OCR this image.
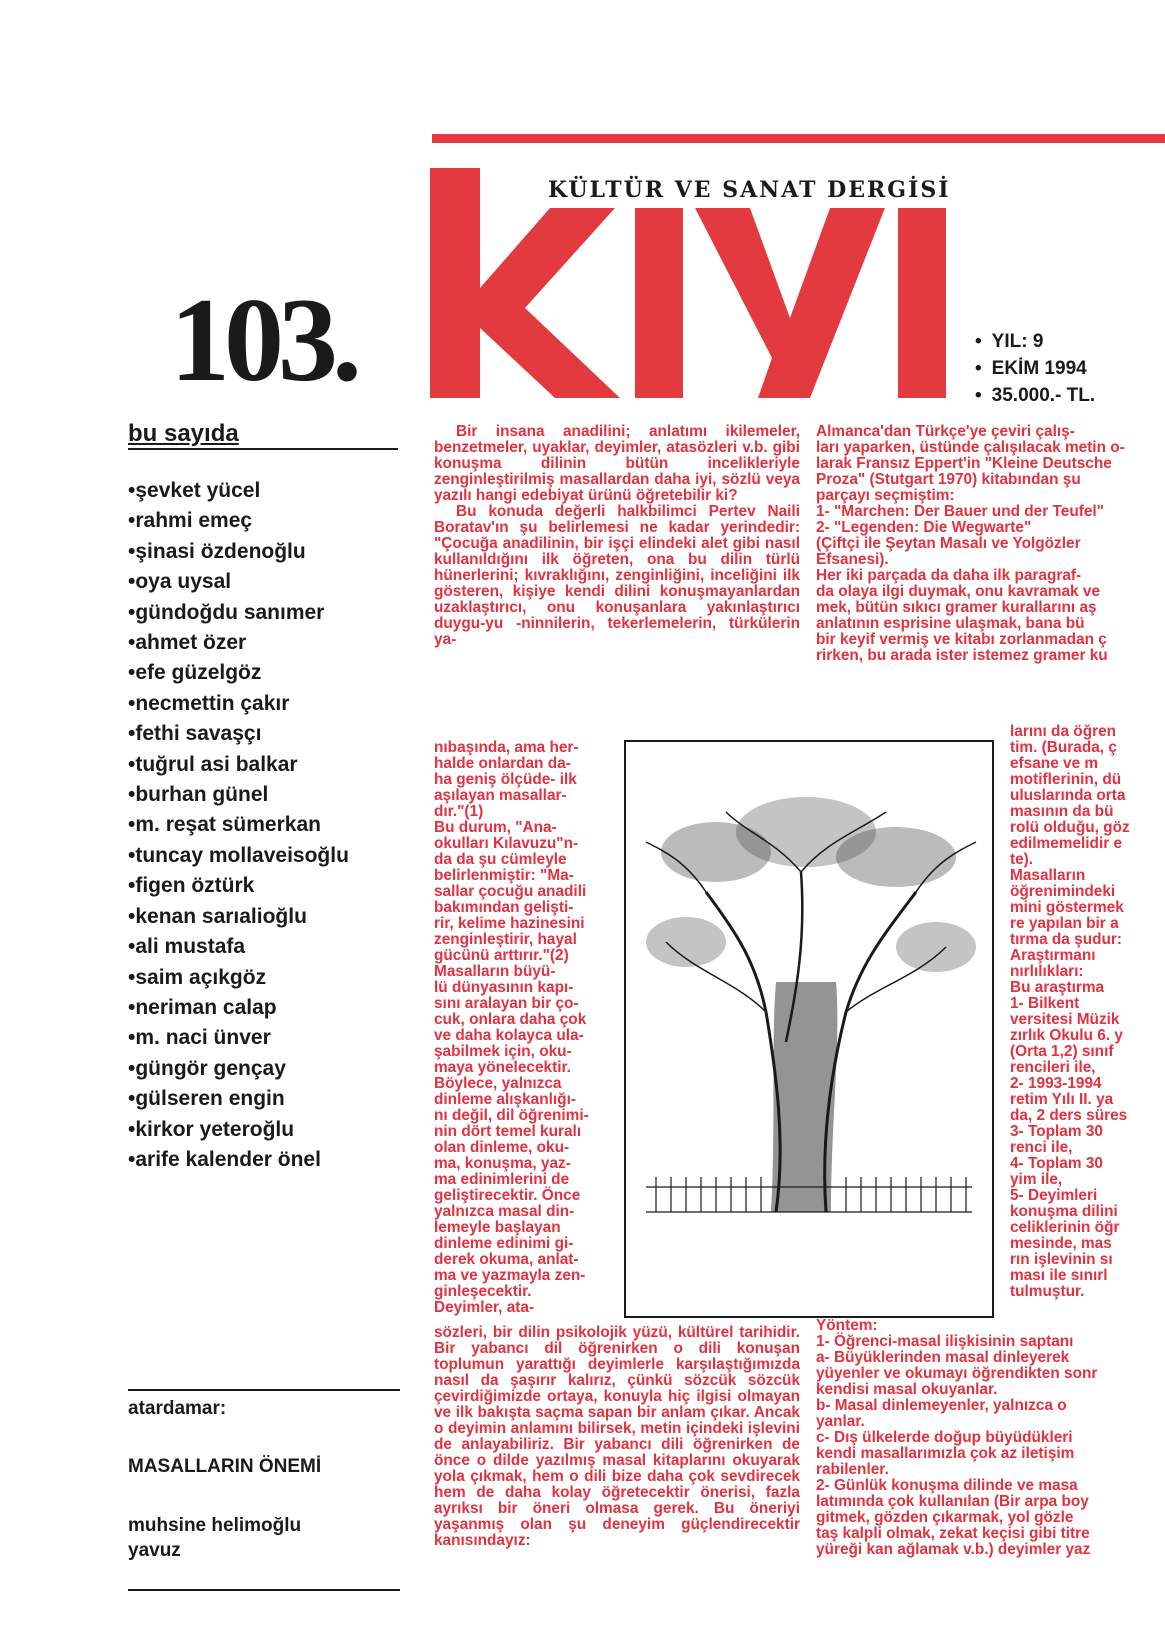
KÜLTÜR VE SANAT DERGİSİ
103.
•	YIL: 9
• EKİM 1994
• 35.000.- TL.
bu sayıda
• şevket yücel
• rahmi emeç
• şinasi özdenoğlu
• oya uysal
• gündoğdu sanımer
• ahmet özer
• efe güzelgöz
• necmettin çakır
• fethi savaşçı
• tuğrul asi balkar
• burhan günel
• m. reşat sümerkan
• tuncay mollaveisoğlu
• figen öztürk
• kenan sarıalioğlu
• ali mustafa
• saim açıkgöz
• neriman calap
• m. naci ünver
• güngör gençay
• gülseren engin
• kirkor yeteroğlu
• arife kalender önel
atardamar:
MASALLARIN ÖNEMİ
muhsine helimoğlu yavuz

Bir insana anadilini; anlatımı ikilemeler, benzetmeler, uyaklar, deyimler, atasözleri v.b. gibi konuşma dilinin bütün incelikleriyle zenginleştirilmiş masallardan daha iyi, sözlü veya yazılı hangi edebiyat ürünü öğretebilir ki?

Bu konuda değerli halkbilimci Pertev Naili Boratav'ın şu belirlemesi ne kadar yerindedir: "Çocuğa anadilinin, bir işçi elindeki alet gibi nasıl kullanıldığını ilk öğreten, ona bu dilin türlü hünerlerini; kıvraklığını, zenginliğini, inceliğini ilk gösteren, kişiye kendi dilini konuşmayanlardan uzaklaştırıcı, onu konuşanlara yakınlaştırıcı duygu-yu -ninnilerin, tekerlemelerin, türkülerin ya-

nıbaşında, ama her-
halde onlardan da-
ha geniş ölçüde- ilk
aşılayan masallar-
dır."(1)
Bu durum, "Ana-
okulları Kılavuzu"n-
da da şu cümleyle
belirlenmiştir: "Ma-
sallar çocuğu anadili
bakımından gelişti-
rir, kelime hazinesini
zenginleştirir, hayal
gücünü arttırır."(2)
Masalların büyü-
lü dünyasının kapı-
sını aralayan bir ço-
cuk, onlara daha çok
ve daha kolayca ula-
şabilmek için, oku-
maya yönelecektir.
Böylece, yalnızca
dinleme alışkanlığı-
nı değil, dil öğrenimi-
nin dört temel kuralı
olan dinleme, oku-
ma, konuşma, yaz-
ma edinimlerini de
geliştirecektir. Önce
yalnızca masal din-
lemeyle başlayan
dinleme edinimi gi-
derek okuma, anlat-
ma ve yazmayla zen-
ginleşecektir.
Deyimler, ata-

sözleri, bir dilin psikolojik yüzü, kültürel tarihidir. Bir yabancı dil öğrenirken o dili konuşan toplumun yarattığı deyimlerle karşılaştığımızda nasıl da şaşırır kalırız, çünkü sözcük sözcük çevirdiğimizde ortaya, konuyla hiç ilgisi olmayan ve ilk bakışta saçma sapan bir anlam çıkar. Ancak o deyimin anlamını bilirsek, metin içindeki işlevini de anlayabiliriz. Bir yabancı dili öğrenirken de önce o dilde yazılmış masal kitaplarını okuyarak yola çıkmak, hem o dili bize daha çok sevdirecek hem de daha kolay öğretecektir önerisi, fazla ayrıksı bir öneri olmasa gerek. Bu öneriyi yaşanmış olan şu deneyim güçlendirecektir kanısındayız:

Almanca'dan Türkçe'ye çeviri çalış-
ları yaparken, üstünde çalışılacak metin o-
larak Fransız Eppert'in "Kleine Deutsche
Proza" (Stutgart 1970) kitabından şu
parçayı seçmiştim:
1- "Marchen: Der Bauer und der Teufel"
2- "Legenden: Die Wegwarte"
(Çiftçi ile Şeytan Masalı ve Yolgözler
Efsanesi).
Her iki parçada da daha ilk paragraf-
da olaya ilgi duymak, onu kavramak ve
mek, bütün sıkıcı gramer kurallarını aş
anlatının esprisine ulaşmak, bana bü
bir keyif vermiş ve kitabı zorlanmadan ç
rirken, bu arada ister istemez gramer ku
larını da öğren
tim. (Burada, ç
efsane ve m
motiflerinin, dü
uluslarında orta
masının da bü
rolü olduğu, göz
edilmemelidir e
te).
Masalların
öğrenimindeki
mini göstermek
re yapılan bir a
tırma da şudur:
Araştırmanı
nırlılıkları:
Bu araştırma
1- Bilkent
versitesi Müzik
zırlık Okulu 6. y
(Orta 1,2) sınıf
rencileri ile,
2- 1993-1994
retim Yılı II. ya
da, 2 ders süres
3- Toplam 30
renci ile,
4- Toplam 30
yim ile,
5- Deyimleri
konuşma dilini
celiklerinin öğr
mesinde, mas
rın işlevinin sı
ması ile sınırl
tulmuştur.
Yöntem:
1- Öğrenci-masal ilişkisinin saptanı
a- Büyüklerinden masal dinleyerek
yüyenler ve okumayı öğrendikten sonr
kendisi masal okuyanlar.
b- Masal dinlemeyenler, yalnızca o
yanlar.
c- Dış ülkelerde doğup büyüdükleri
kendi masallarımızla çok az iletişim
rabilenler.
2- Günlük konuşma dilinde ve masa
latımında çok kullanılan (Bir arpa boy
gitmek, gözden çıkarmak, yol gözle
taş kalpli olmak, zekat keçisi gibi titre
yüreği kan ağlamak v.b.) deyimler yaz
